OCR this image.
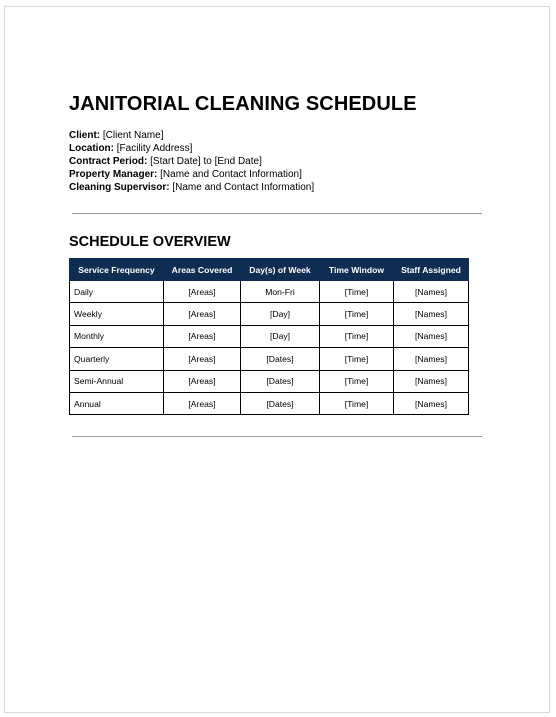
JANITORIAL CLEANING SCHEDULE
Client: [Client Name]
Location: [Facility Address]
Contract Period: [Start Date] to [End Date]
Property Manager: [Name and Contact Information]
Cleaning Supervisor: [Name and Contact Information]
SCHEDULE OVERVIEW
Service Frequency	Areas Covered	Day(s) of Week	Time Window	Staff Assigned
Daily	[Areas]	Mon-Fri	[Time]	[Names]
Weekly	[Areas]	[Day]	[Time]	[Names]
Monthly	[Areas]	[Day]	[Time]	[Names]
Quarterly	[Areas]	[Dates]	[Time]	[Names]
Semi-Annual	[Areas]	[Dates]	[Time]	[Names]
Annual	[Areas]	[Dates]	[Time]	[Names]
